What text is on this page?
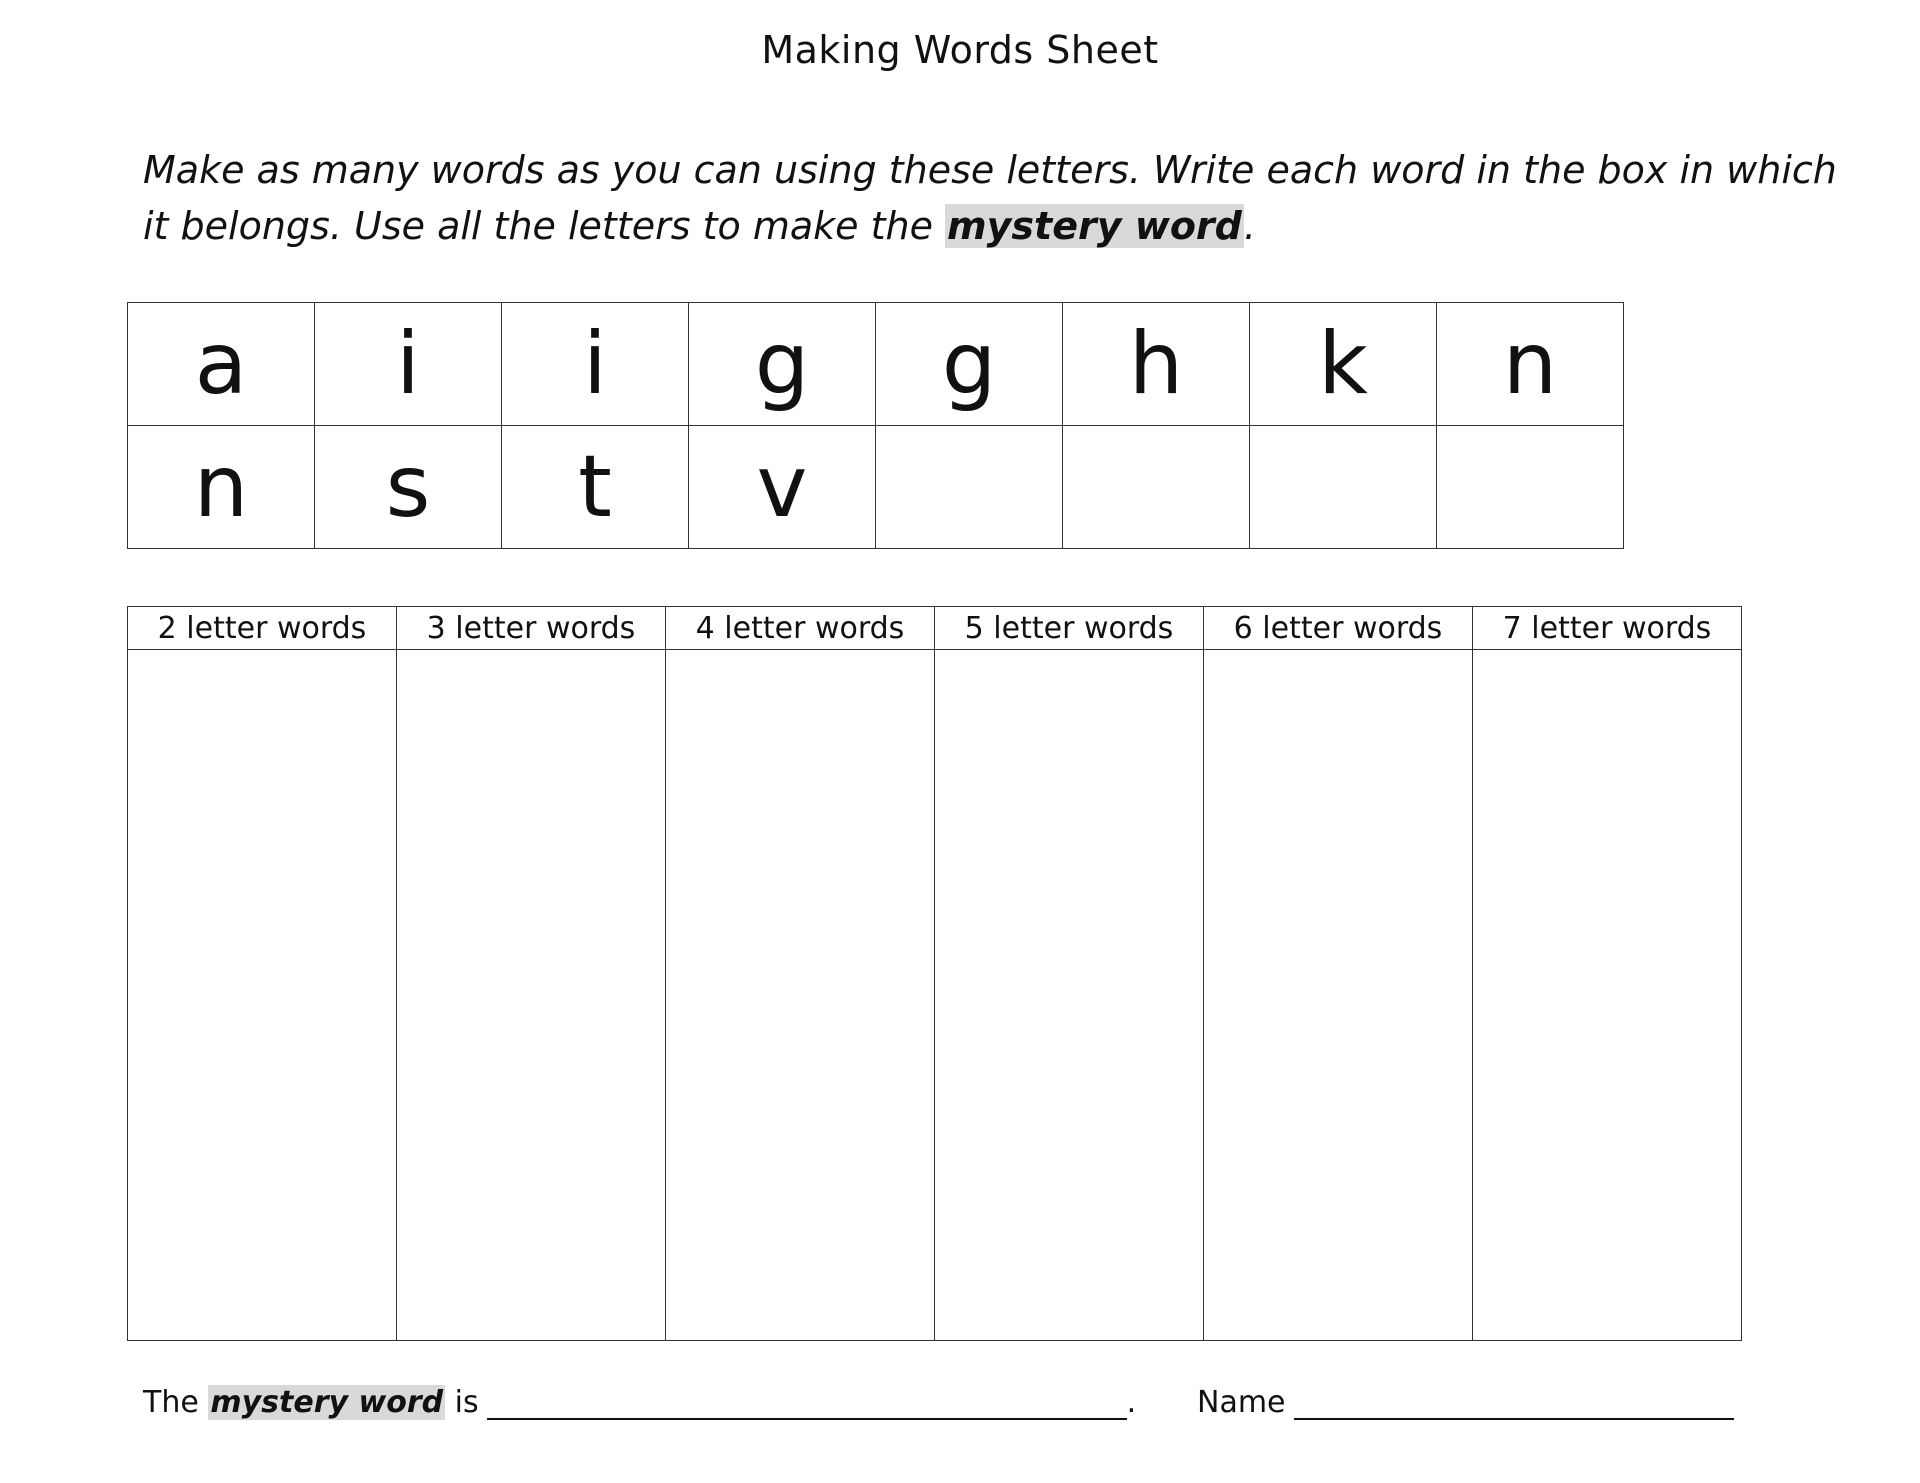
Making Words Sheet

Make as many words as you can using these letters. Write each word in the box in which it belongs. Use all the letters to make the mystery word.

a	i	i	g	g	h	k	n
n	s	t	v				
2 letter words	3 letter words	4 letter words	5 letter words	6 letter words	7 letter words

The
mystery word
is	. Name
